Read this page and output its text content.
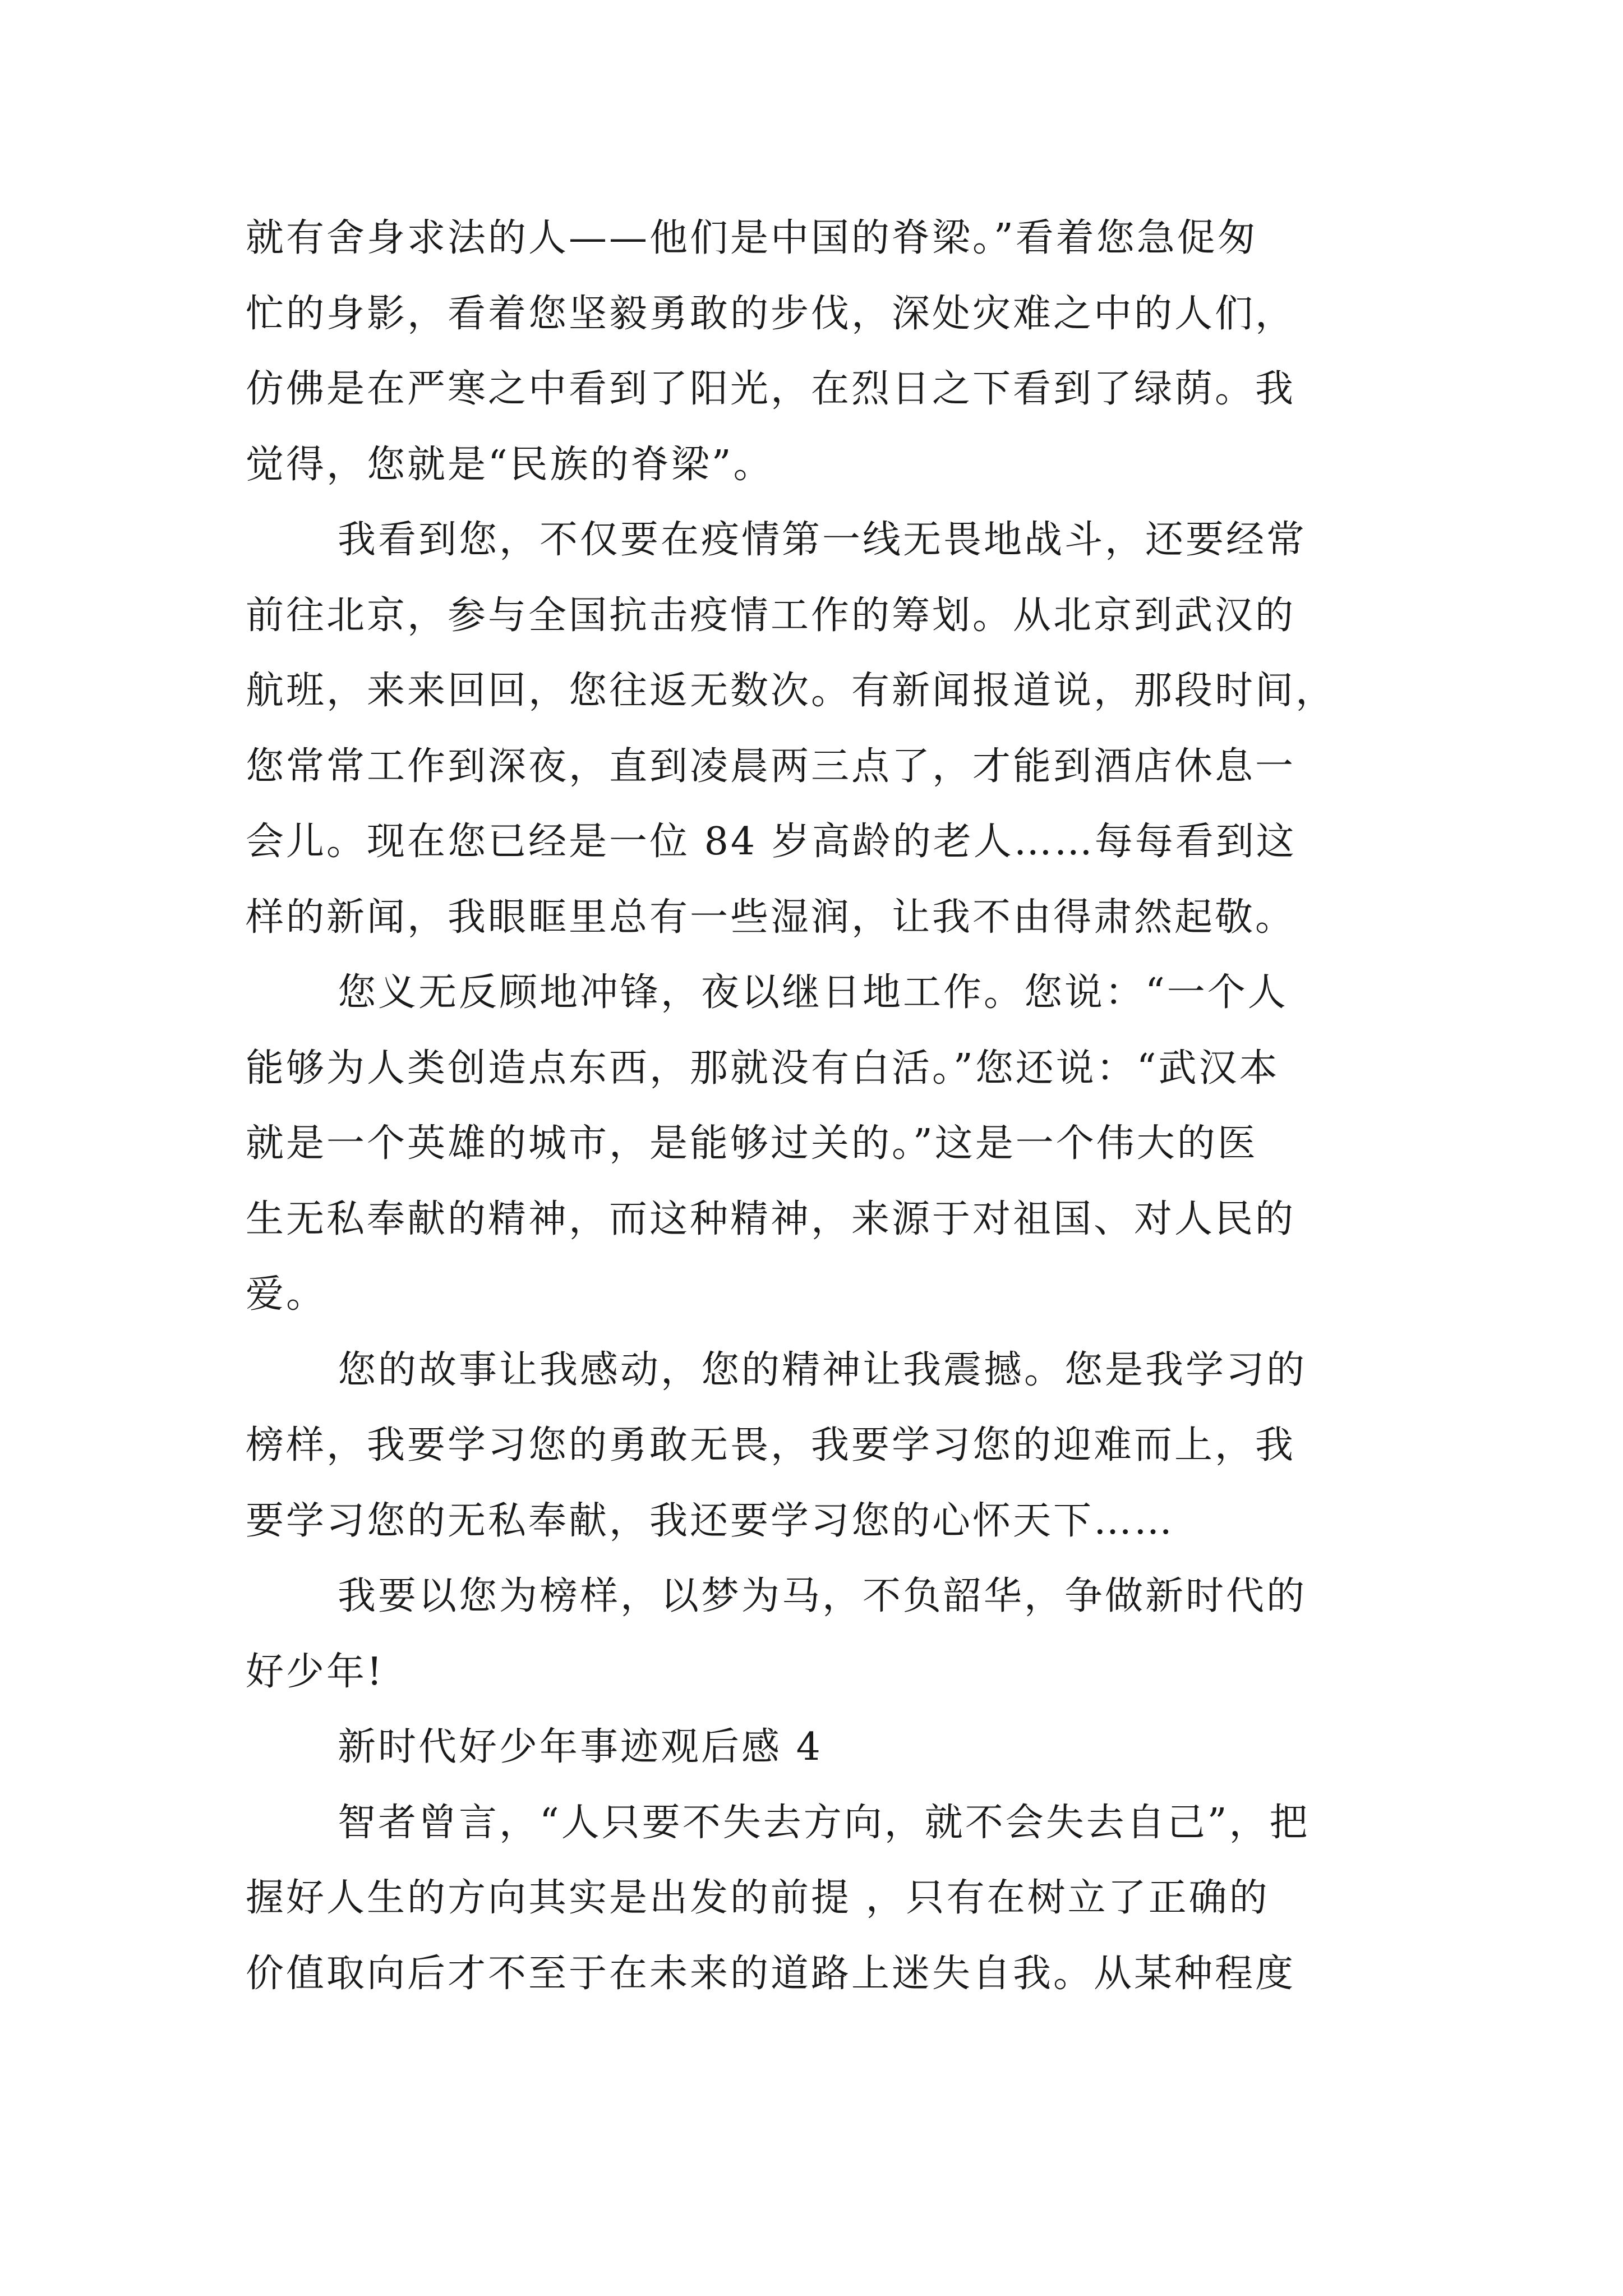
就有舍身求法的人——他们是中国的脊梁。”看着您急促匆
忙的身影，看着您坚毅勇敢的步伐，深处灾难之中的人们，
仿佛是在严寒之中看到了阳光，在烈日之下看到了绿荫。我
觉得，您就是“民族的脊梁”。
我看到您，不仅要在疫情第一线无畏地战斗，还要经常
前往北京，参与全国抗击疫情工作的筹划。从北京到武汉的
航班，来来回回，您往返无数次。有新闻报道说，那段时间，
您常常工作到深夜，直到凌晨两三点了，才能到酒店休息一
会儿。现在您已经是一位 84 岁高龄的老人……每每看到这
样的新闻，我眼眶里总有一些湿润，让我不由得肃然起敬。
您义无反顾地冲锋，夜以继日地工作。您说：“一个人
能够为人类创造点东西，那就没有白活。”您还说：“武汉本
就是一个英雄的城市，是能够过关的。”这是一个伟大的医
生无私奉献的精神，而这种精神，来源于对祖国、对人民的
爱。
您的故事让我感动，您的精神让我震撼。您是我学习的
榜样，我要学习您的勇敢无畏，我要学习您的迎难而上，我
要学习您的无私奉献，我还要学习您的心怀天下……
我要以您为榜样，以梦为马，不负韶华，争做新时代的
好少年!
新时代好少年事迹观后感 4
智者曾言，“人只要不失去方向，就不会失去自己”，把
握好人生的方向其实是出发的前提 ，只有在树立了正确的
价值取向后才不至于在未来的道路上迷失自我。从某种程度
